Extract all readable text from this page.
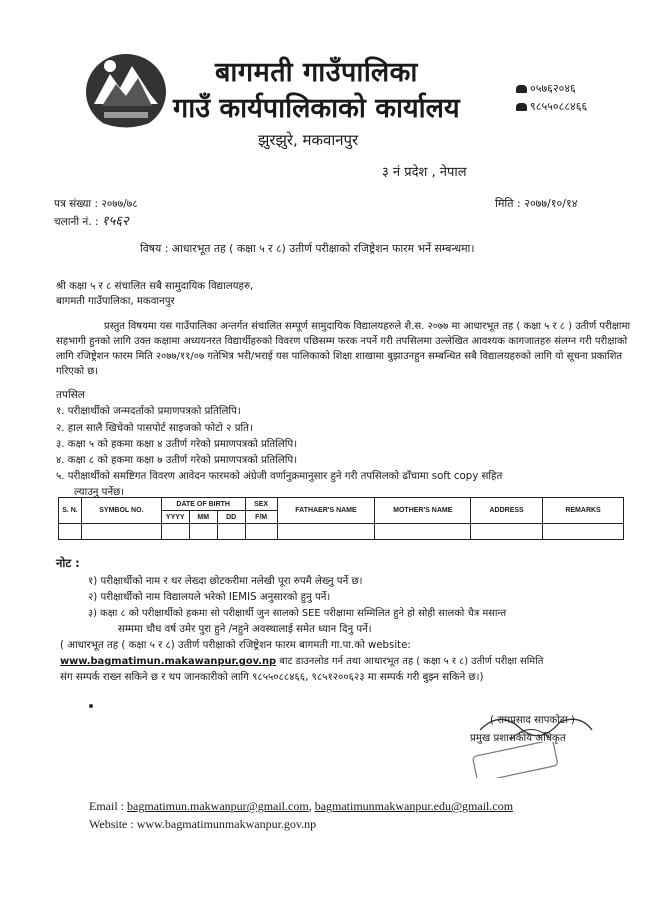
बागमती गाउँपालिका
गाउँ कार्यपालिकाको कार्यालय
झुरझुरे, मकवानपुर
०५७६२०४६
९८५५०८८४६६
३ नं प्रदेश , नेपाल
पत्र संख्या : २०७७/७८
चलानी नं. : १५६२
मिति : २०७७/१०/१४
विषय : आधारभूत तह ( कक्षा ५ र ८) उतीर्ण परीक्षाको रजिष्ट्रेशन फारम भर्ने सम्बन्धमा।
श्री कक्षा ५ र ८ संचालित सबै सामुदायिक विद्यालयहरु,
बागमती गाउँपालिका, मकवानपुर

प्रस्तुत विषयमा यस गाउँपालिका अन्तर्गत संचालित सम्पूर्ण सामुदायिक विद्यालयहरुले शै.स. २०७७ मा आधारभूत तह ( कक्षा ५ र ८ ) उतीर्ण परीक्षामा सहभागी हुनको लागि उक्त कक्षामा अध्ययनरत विद्यार्थीहरुको विवरण पछिसम्म फरक नपर्ने गरी तपसिलमा उल्लेखित आवश्यक कागजातहरु संलग्न गरी परीक्षाको लागि रजिष्ट्रेशन फारम मिति २०७७/११/०७ गतेभित्र भरी/भराई यस पालिकाको शिक्षा शाखामा बुझाउनहुन सम्बन्धित सबै विद्यालयहरुको लागि यो सूचना प्रकाशित गरिएको छ।

तपसिल
१. परीक्षार्थीको जन्मदर्ताको प्रमाणपत्रको प्रतिलिपि।
२. हाल सालै खिचेको पासपोर्ट साइजको फोटो २ प्रति।
३. कक्षा ५ को हकमा कक्षा ४ उतीर्ण गरेको प्रमाणपत्रको प्रतिलिपि।
४. कक्षा ८ को हकमा कक्षा ७ उतीर्ण गरेको प्रमाणपत्रको प्रतिलिपि।
५. परीक्षार्थीको समष्टिगत विवरण आवेदन फारमको अंग्रेजी वर्णानुक्रमानुसार हुने गरी तपसिलको ढाँचामा soft copy सहित
ल्याउनु पर्नेछ।
S. N.	SYMBOL NO.	DATE OF BIRTH			SEX	FATHAER'S NAME	MOTHER'S NAME	ADDRESS	REMARKS
		YYYY	MM	DD	F/M				

नोट :
१) परीक्षार्थीको नाम र थर लेख्दा छोटकरीमा नलेखी पूरा रुपमै लेख्नु पर्ने छ।
२) परीक्षार्थीको नाम विद्यालयले भरेको IEMIS अनुसारको हुनु पर्ने।
३) कक्षा ८ को परीक्षार्थीको हकमा सो परीक्षार्थी जुन सालको SEE परीक्षामा सम्मिलित हुने हो सोही सालको चैत्र मसान्त
सम्ममा चौध वर्ष उमेर पुरा हुने /नहुने अवस्थालाई समेत ध्यान दिनु पर्ने।
( आधारभूत तह ( कक्षा ५ र ८) उतीर्ण परीक्षाको रजिष्ट्रेशन फारम बागमती गा.पा.को website:
www.bagmatimun.makawanpur.gov.np बाट डाउनलोड गर्न तथा आधारभूत तह ( कक्षा ५ र ८) उतीर्ण परीक्षा समिति
संग सम्पर्क राख्न सकिने छ र थप जानकारीको लागि ९८५५०८८४६६, ९८५१२००६२३ मा सम्पर्क गरी बुझ्न सकिने छ।)
( रामप्रसाद सापकोटा )
प्रमुख प्रशासकीय अधिकृत
Email : bagmatimun.makwanpur@gmail.com, bagmatimunmakwanpur.edu@gmail.com
Website : www.bagmatimunmakwanpur.gov.np
